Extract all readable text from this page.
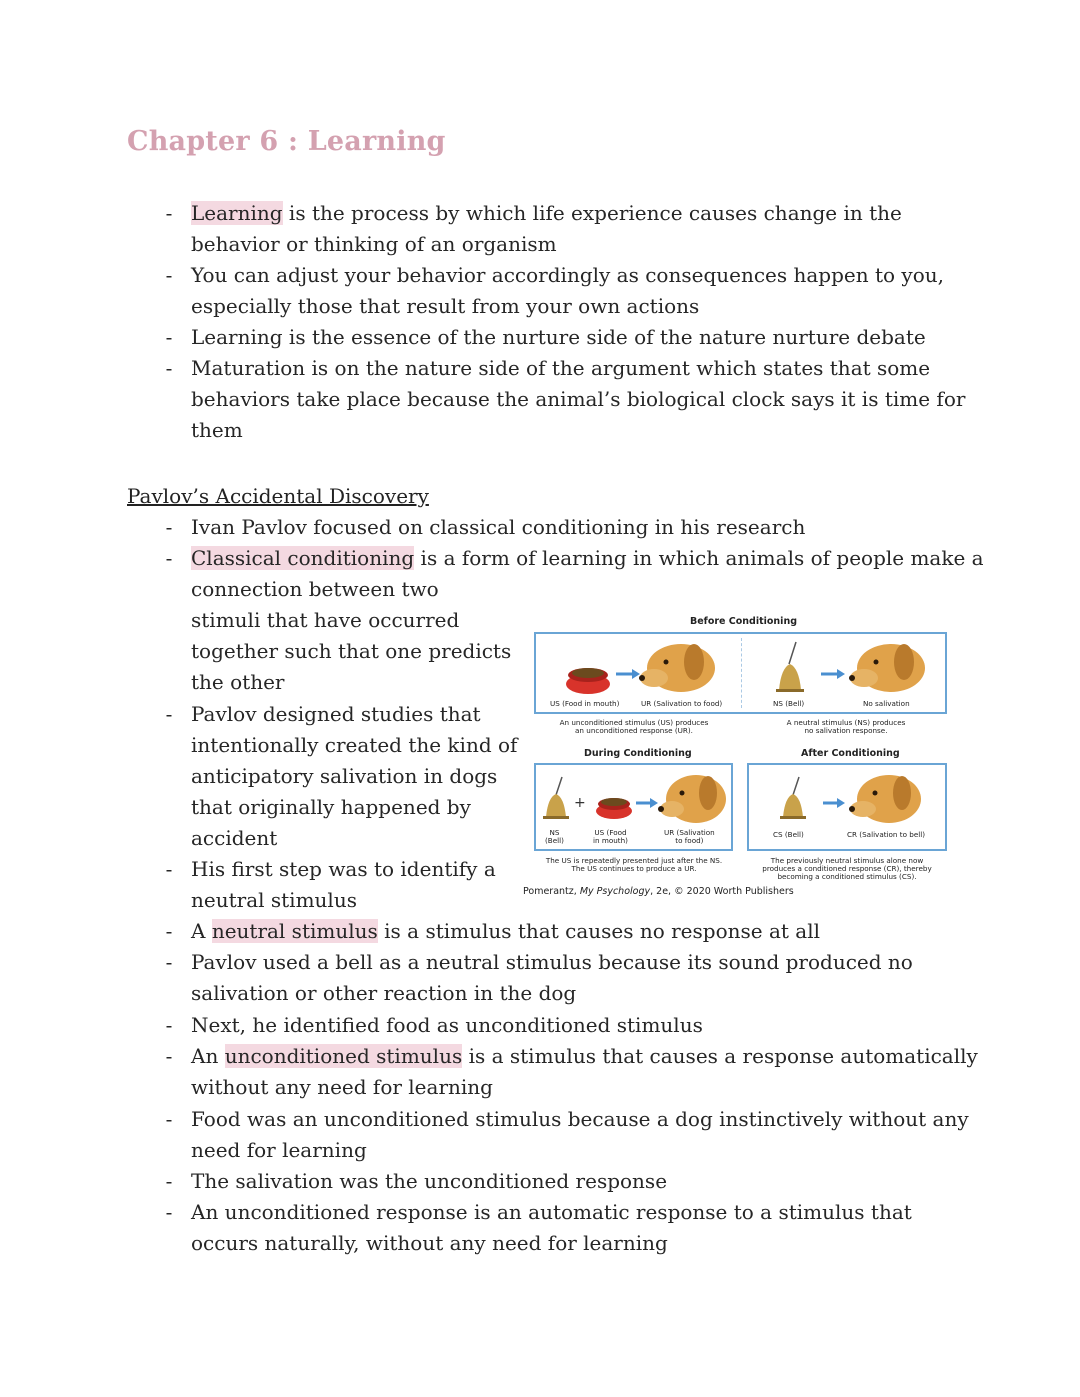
Chapter 6 : Learning
- Learning is the process by which life experience causes change in the
behavior or thinking of an organism
- You can adjust your behavior accordingly as consequences happen to you,
especially those that result from your own actions
- Learning is the essence of the nurture side of the nature nurture debate
- Maturation is on the nature side of the argument which states that some
behaviors take place because the animal’s biological clock says it is time for
them
Pavlov’s Accidental Discovery
- Ivan Pavlov focused on classical conditioning in his research
- Classical conditioning is a form of learning in which animals of people make a
connection between two
stimuli that have occurred
together such that one predicts
the other
- Pavlov designed studies that
intentionally created the kind of
anticipatory salivation in dogs
that originally happened by
accident
- His first step was to identify a
neutral stimulus
- A neutral stimulus is a stimulus that causes no response at all
- Pavlov used a bell as a neutral stimulus because its sound produced no
salivation or other reaction in the dog
- Next, he identified food as unconditioned stimulus
- An unconditioned stimulus is a stimulus that causes a response automatically
without any need for learning
- Food was an unconditioned stimulus because a dog instinctively without any
need for learning
- The salivation was the unconditioned response
- An unconditioned response is an automatic response to a stimulus that
occurs naturally, without any need for learning
Before Conditioning
US (Food in mouth)	UR (Salivation to food)	NS (Bell)	No salivation
An unconditioned stimulus (US) produces
an unconditioned response (UR).
A neutral stimulus (NS) produces
no salivation response.
During Conditioning	After Conditioning
+
NS
(Bell)
US (Food
in mouth)
UR (Salivation
to food)
CS (Bell)	CR (Salivation to bell)
The US is repeatedly presented just after the NS.
The US continues to produce a UR.
The previously neutral stimulus alone now
produces a conditioned response (CR), thereby
becoming a conditioned stimulus (CS).
Pomerantz, My Psychology, 2e, © 2020 Worth Publishers
